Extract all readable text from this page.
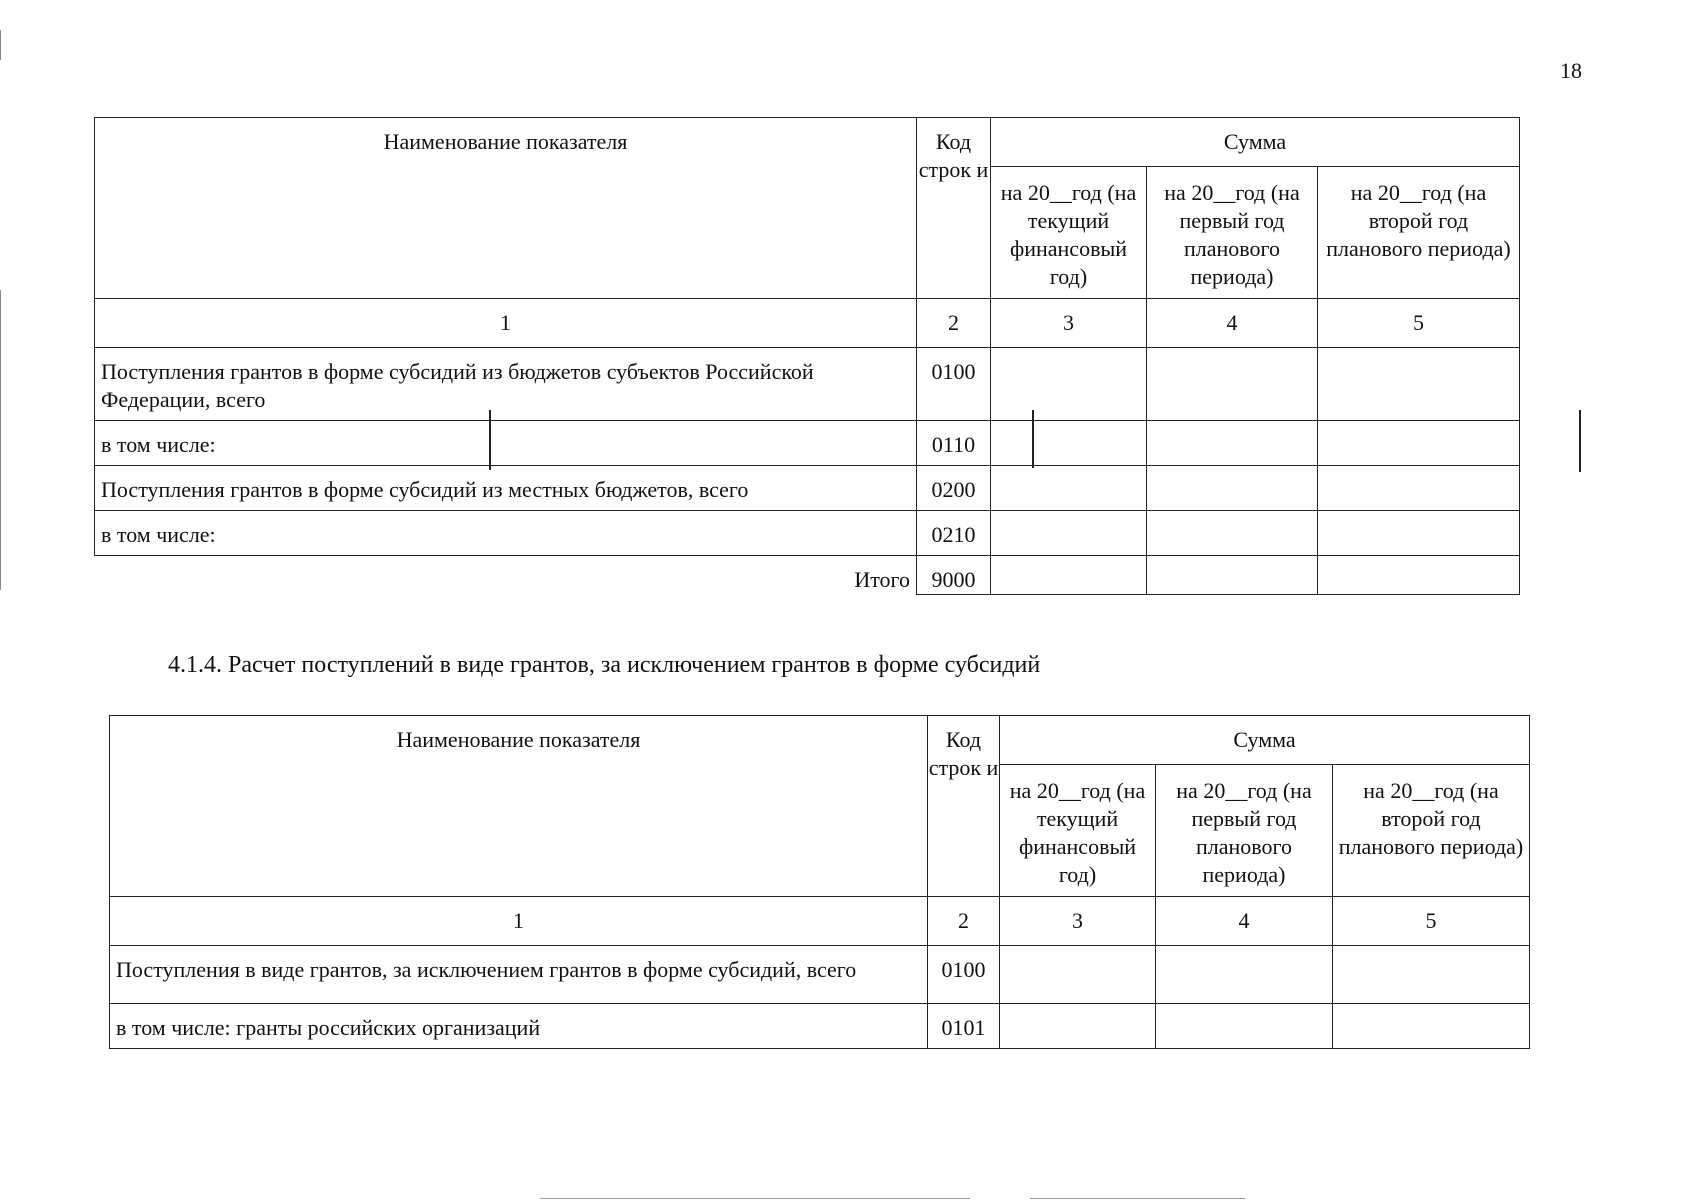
18
Наименование показателя	Код строк и	Сумма		
		на 20__год (на текущий финансовый год)	на 20__год (на первый год планового периода)	на 20__год (на второй год планового периода)
1	2	3	4	5
Поступления грантов в форме субсидий из бюджетов субъектов Российской Федерации, всего	0100			
в том числе:	0110			
Поступления грантов в форме субсидий из местных бюджетов, всего	0200			
в том числе:	0210			
Итого	9000			
4.1.4. Расчет поступлений в виде грантов, за исключением грантов в форме субсидий
Наименование показателя	Код строк и	Сумма		
		на 20__год (на текущий финансовый год)	на 20__год (на первый год планового периода)	на 20__год (на второй год планового периода)
1	2	3	4	5
Поступления в виде грантов, за исключением грантов в форме субсидий, всего	0100			
в том числе: гранты российских организаций	0101			
